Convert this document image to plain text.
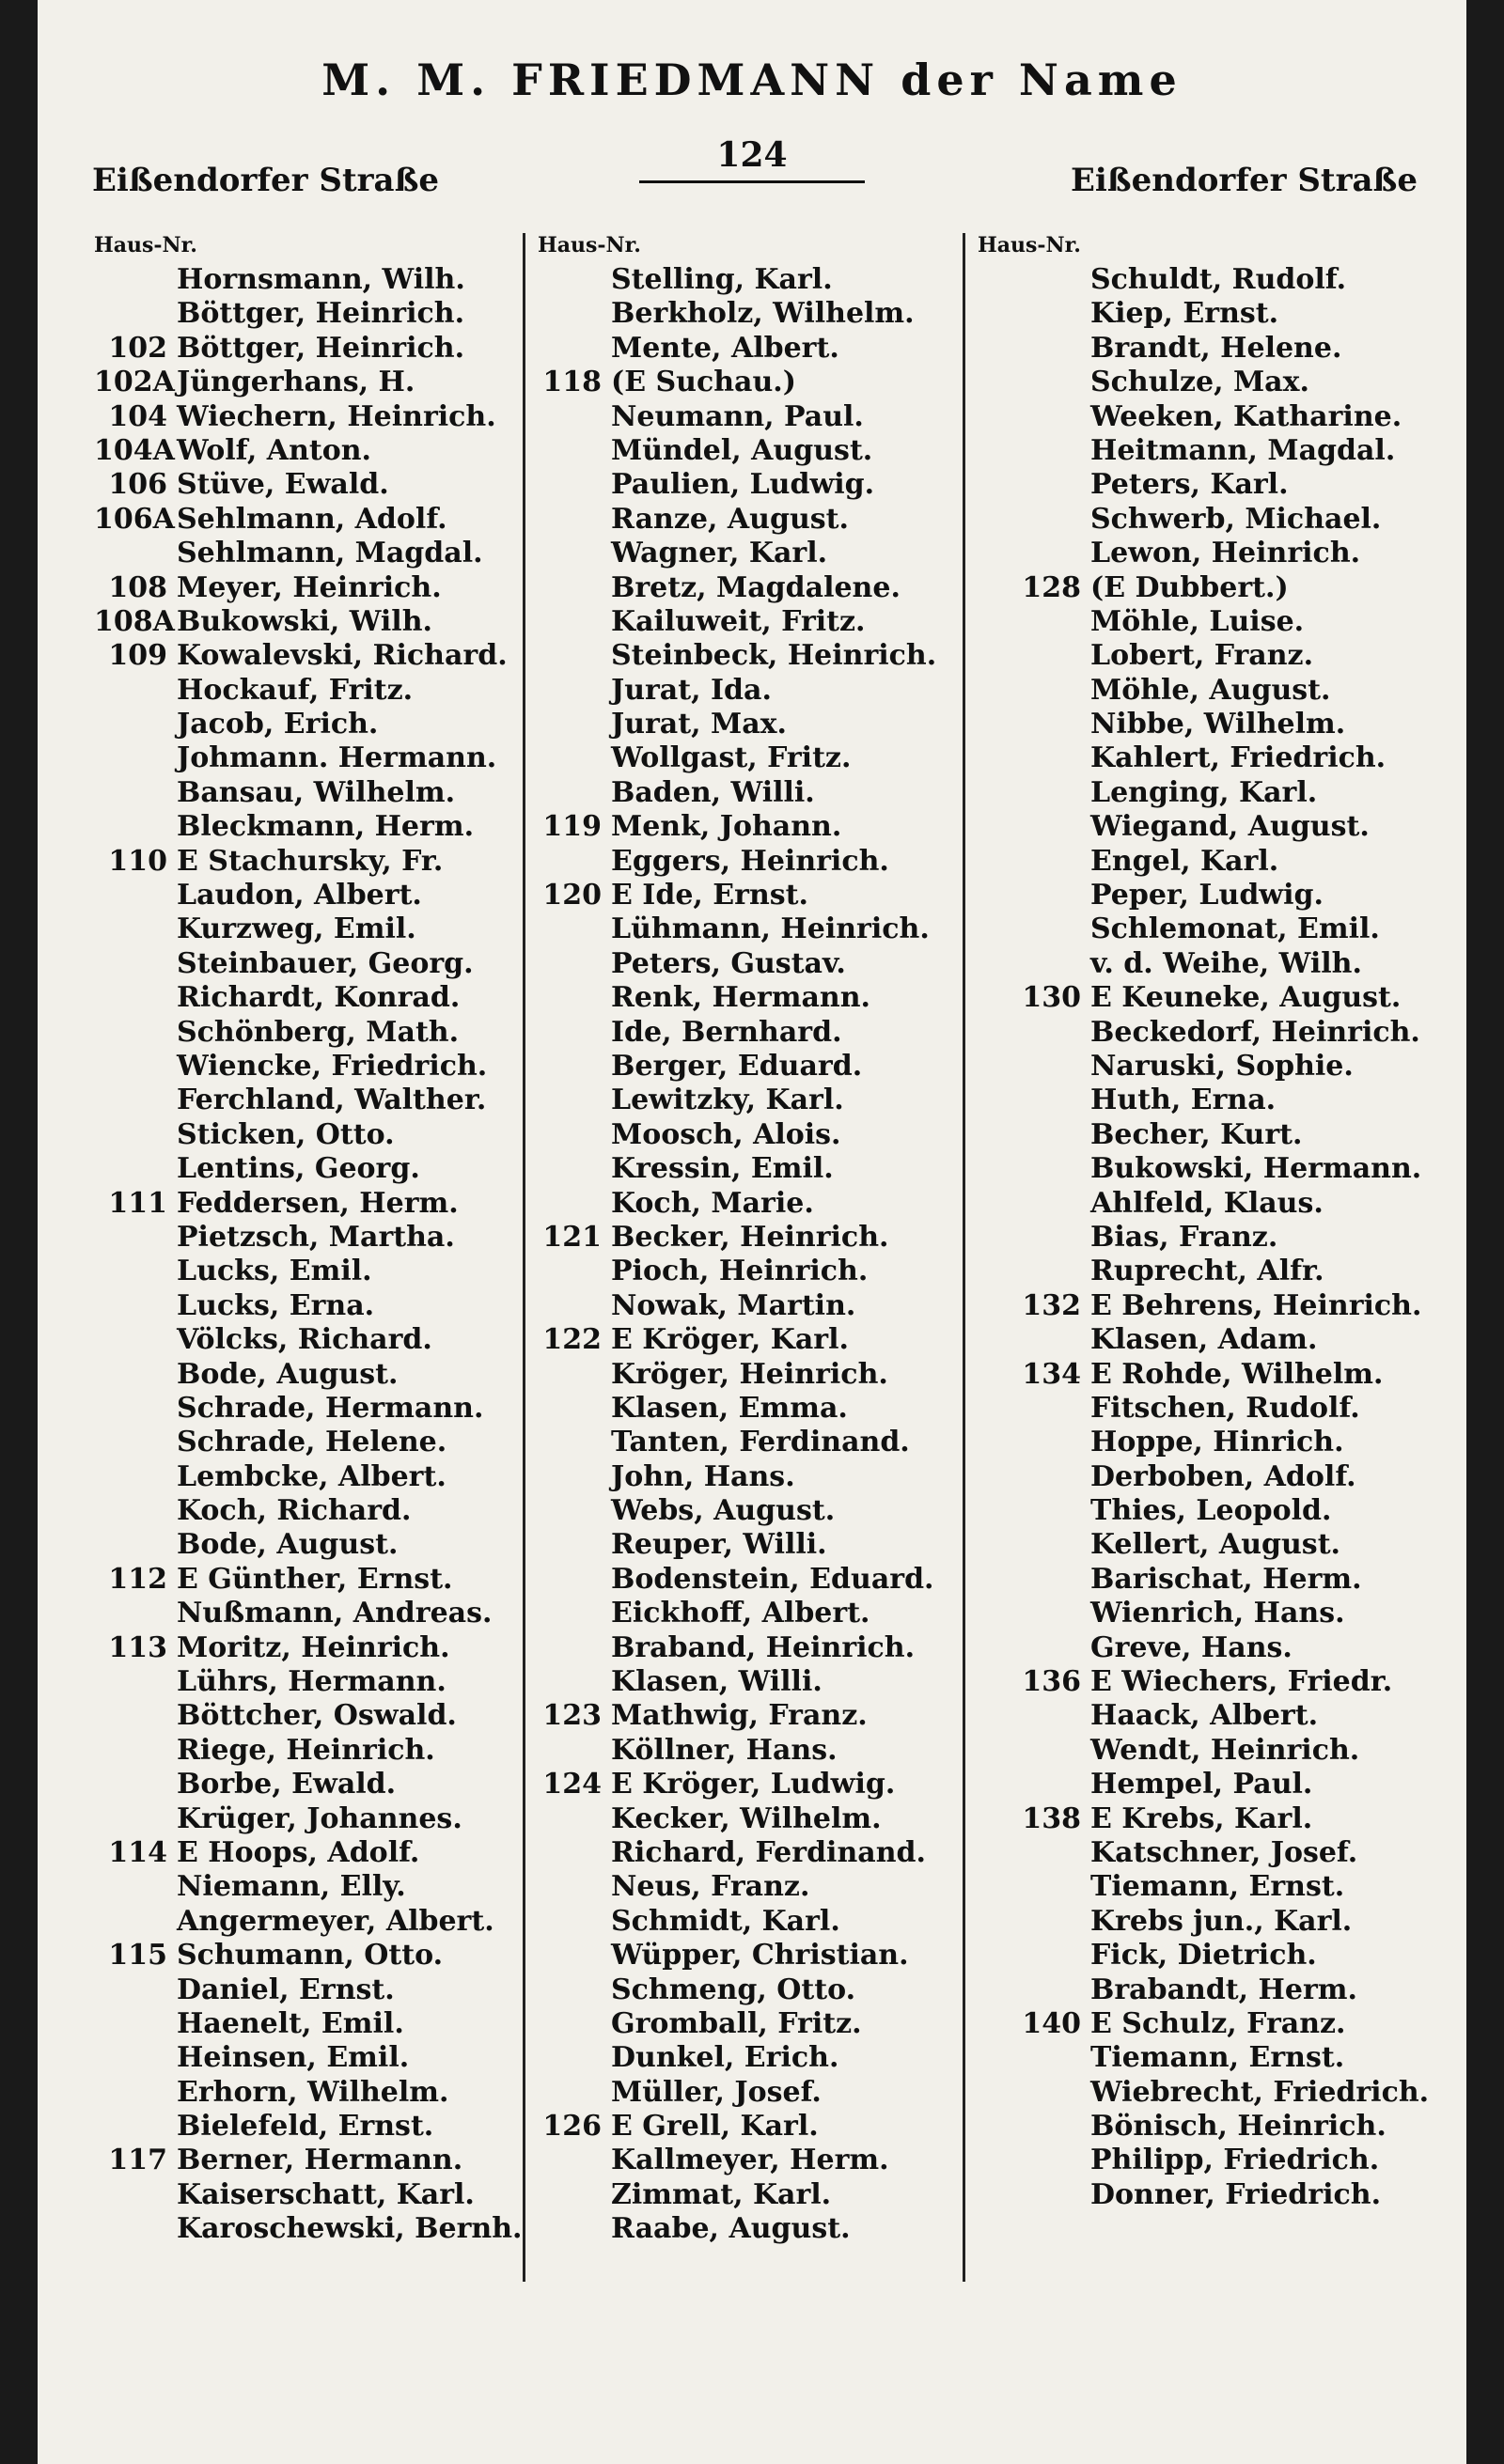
M. M. FRIEDMANN der Name
Eißendorfer Straße
124
Eißendorfer Straße
Haus-Nr.
Hornsmann, Wilh.
Böttger, Heinrich.
102 Böttger, Heinrich.
102A Jüngerhans, H.
104 Wiechern, Heinrich.
104A Wolf, Anton.
106 Stüve, Ewald.
106A Sehlmann, Adolf.
Sehlmann, Magdal.
108 Meyer, Heinrich.
108A Bukowski, Wilh.
109 Kowalevski, Richard.
Hockauf, Fritz.
Jacob, Erich.
Johmann. Hermann.
Bansau, Wilhelm.
Bleckmann, Herm.
110 E Stachursky, Fr.
Laudon, Albert.
Kurzweg, Emil.
Steinbauer, Georg.
Richardt, Konrad.
Schönberg, Math.
Wiencke, Friedrich.
Ferchland, Walther.
Sticken, Otto.
Lentins, Georg.
111 Feddersen, Herm.
Pietzsch, Martha.
Lucks, Emil.
Lucks, Erna.
Völcks, Richard.
Bode, August.
Schrade, Hermann.
Schrade, Helene.
Lembcke, Albert.
Koch, Richard.
Bode, August.
112 E Günther, Ernst.
Nußmann, Andreas.
113 Moritz, Heinrich.
Lührs, Hermann.
Böttcher, Oswald.
Riege, Heinrich.
Borbe, Ewald.
Krüger, Johannes.
114 E Hoops, Adolf.
Niemann, Elly.
Angermeyer, Albert.
115 Schumann, Otto.
Daniel, Ernst.
Haenelt, Emil.
Heinsen, Emil.
Erhorn, Wilhelm.
Bielefeld, Ernst.
117 Berner, Hermann.
Kaiserschatt, Karl.
Karoschewski, Bernh.
Haus-Nr.
Stelling, Karl.
Berkholz, Wilhelm.
Mente, Albert.
118 (E Suchau.)
Neumann, Paul.
Mündel, August.
Paulien, Ludwig.
Ranze, August.
Wagner, Karl.
Bretz, Magdalene.
Kailuweit, Fritz.
Steinbeck, Heinrich.
Jurat, Ida.
Jurat, Max.
Wollgast, Fritz.
Baden, Willi.
119 Menk, Johann.
Eggers, Heinrich.
120 E Ide, Ernst.
Lühmann, Heinrich.
Peters, Gustav.
Renk, Hermann.
Ide, Bernhard.
Berger, Eduard.
Lewitzky, Karl.
Moosch, Alois.
Kressin, Emil.
Koch, Marie.
121 Becker, Heinrich.
Pioch, Heinrich.
Nowak, Martin.
122 E Kröger, Karl.
Kröger, Heinrich.
Klasen, Emma.
Tanten, Ferdinand.
John, Hans.
Webs, August.
Reuper, Willi.
Bodenstein, Eduard.
Eickhoff, Albert.
Braband, Heinrich.
Klasen, Willi.
123 Mathwig, Franz.
Köllner, Hans.
124 E Kröger, Ludwig.
Kecker, Wilhelm.
Richard, Ferdinand.
Neus, Franz.
Schmidt, Karl.
Wüpper, Christian.
Schmeng, Otto.
Gromball, Fritz.
Dunkel, Erich.
Müller, Josef.
126 E Grell, Karl.
Kallmeyer, Herm.
Zimmat, Karl.
Raabe, August.
Haus-Nr.
Schuldt, Rudolf.
Kiep, Ernst.
Brandt, Helene.
Schulze, Max.
Weeken, Katharine.
Heitmann, Magdal.
Peters, Karl.
Schwerb, Michael.
Lewon, Heinrich.
128 (E Dubbert.)
Möhle, Luise.
Lobert, Franz.
Möhle, August.
Nibbe, Wilhelm.
Kahlert, Friedrich.
Lenging, Karl.
Wiegand, August.
Engel, Karl.
Peper, Ludwig.
Schlemonat, Emil.
v. d. Weihe, Wilh.
130 E Keuneke, August.
Beckedorf, Heinrich.
Naruski, Sophie.
Huth, Erna.
Becher, Kurt.
Bukowski, Hermann.
Ahlfeld, Klaus.
Bias, Franz.
Ruprecht, Alfr.
132 E Behrens, Heinrich.
Klasen, Adam.
134 E Rohde, Wilhelm.
Fitschen, Rudolf.
Hoppe, Hinrich.
Derboben, Adolf.
Thies, Leopold.
Kellert, August.
Barischat, Herm.
Wienrich, Hans.
Greve, Hans.
136 E Wiechers, Friedr.
Haack, Albert.
Wendt, Heinrich.
Hempel, Paul.
138 E Krebs, Karl.
Katschner, Josef.
Tiemann, Ernst.
Krebs jun., Karl.
Fick, Dietrich.
Brabandt, Herm.
140 E Schulz, Franz.
Tiemann, Ernst.
Wiebrecht, Friedrich.
Bönisch, Heinrich.
Philipp, Friedrich.
Donner, Friedrich.
